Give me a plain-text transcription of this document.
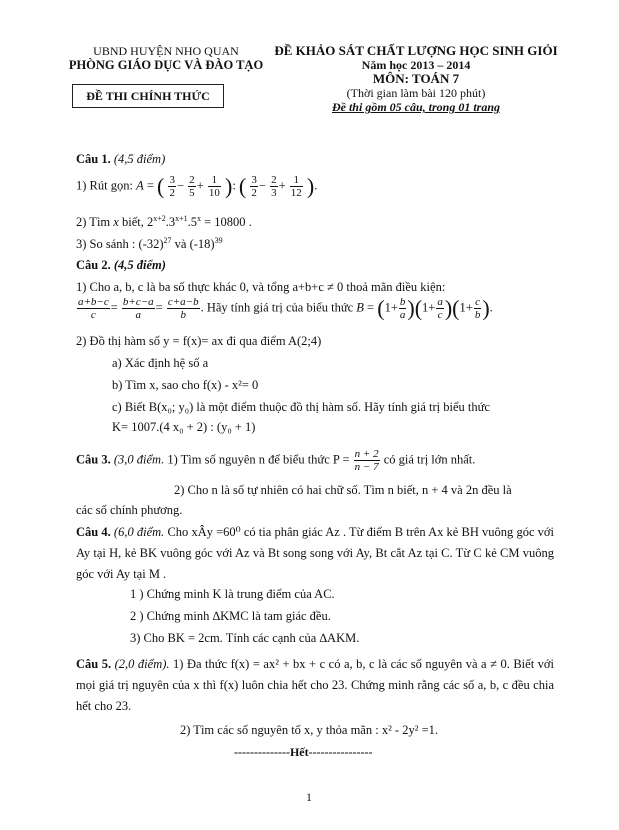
UBND HUYỆN NHO QUAN
PHÒNG GIÁO DỤC VÀ ĐÀO TẠO
ĐỀ THI CHÍNH THỨC
ĐỀ KHẢO SÁT CHẤT LƯỢNG HỌC SINH GIỎI
Năm học 2013 – 2014
MÔN: TOÁN 7
(Thời gian làm bài 120 phút)
Đề thi gồm 05 câu, trong 01 trang
Câu 1. (4,5 điểm)
1) Rút gọn: A = ( $\frac{3}{2} - \frac{2}{5} + \frac{1}{10}$ ): ( $\frac{3}{2} - \frac{2}{3} + \frac{1}{12}$ ).
2) Tìm x biết, $2^{x+2}.3^{x+1}.5^x = 10800$ .
3) So sánh : $(-32)^{27}$ và $(-18)^{39}$
Câu 2. (4,5 điểm)
1) Cho a, b, c là ba số thực khác 0, và tổng a+b+c ≠ 0 thoả mãn điều kiện:
$\frac{a+b-c}{c} = \frac{b+c-a}{a} = \frac{c+a-b}{b}$ . Hãy tính giá trị của biểu thức $B = (1+ \frac{b}{a} )(1+ \frac{a}{c} )(1+ \frac{c}{b}$ ).
2) Đồ thị hàm số y = f(x)= ax đi qua điểm A(2;4)
a) Xác định hệ số a
b) Tìm x, sao cho f(x) - x²= 0
c) Biết B(x₀; y₀) là một điểm thuộc đồ thị hàm số. Hãy tính giá trị biểu thức
K= 1007.(4 x₀ + 2) : (y₀ + 1)
Câu 3. (3,0 điểm. 1) Tìm số nguyên n để biểu thức $P = \frac{n + 2}{n - 7}$ có giá trị lớn nhất.
2) Cho n là số tự nhiên có hai chữ số. Tìm n biết, n + 4 và 2n đều là
các số chính phương.
Câu 4. (6,0 điểm. Cho xÂy =60⁰ có tia phân giác Az . Từ điểm B trên Ax kẻ BH vuông góc với Ay tại H, kẻ BK vuông góc với Az và Bt song song với Ay, Bt cắt Az tại C. Từ C kẻ CM vuông góc với Ay tại M .
1 ) Chứng minh K là trung điểm của AC.
2 ) Chứng minh ∆KMC là tam giác đều.
3) Cho BK = 2cm. Tính các cạnh của ∆AKM.
Câu 5. (2,0 điểm). 1) Đa thức f(x) = ax² + bx + c có a, b, c là các số nguyên và a ≠ 0. Biết với mọi giá trị nguyên của x thì f(x) luôn chia hết cho 23. Chứng minh rằng các số a, b, c đều chia hết cho 23.
2) Tìm các số nguyên tố x, y thỏa mãn : x² - 2y² =1.
--------------Hết----------------
1
